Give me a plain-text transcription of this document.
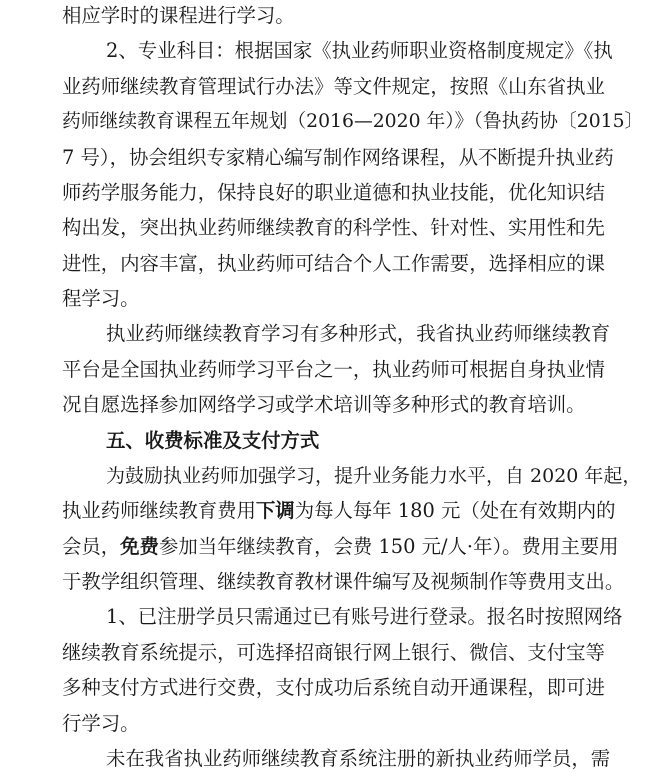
相应学时的课程进行学习。
2、专业科目：根据国家《执业药师职业资格制度规定》《执
业药师继续教育管理试行办法》等文件规定，按照《山东省执业
药师继续教育课程五年规划（2016—2020 年）》（鲁执药协〔2015〕
7 号），协会组织专家精心编写制作网络课程，从不断提升执业药
师药学服务能力，保持良好的职业道德和执业技能，优化知识结
构出发，突出执业药师继续教育的科学性、针对性、实用性和先
进性，内容丰富，执业药师可结合个人工作需要，选择相应的课
程学习。
执业药师继续教育学习有多种形式，我省执业药师继续教育
平台是全国执业药师学习平台之一，执业药师可根据自身执业情
况自愿选择参加网络学习或学术培训等多种形式的教育培训。
五、收费标准及支付方式
为鼓励执业药师加强学习，提升业务能力水平，自 2020 年起，
执业药师继续教育费用下调为每人每年 180 元（处在有效期内的
会员，免费参加当年继续教育，会费 150 元/人·年）。费用主要用
于教学组织管理、继续教育教材课件编写及视频制作等费用支出。
1、已注册学员只需通过已有账号进行登录。报名时按照网络
继续教育系统提示，可选择招商银行网上银行、微信、支付宝等
多种支付方式进行交费，支付成功后系统自动开通课程，即可进
行学习。
未在我省执业药师继续教育系统注册的新执业药师学员，需
